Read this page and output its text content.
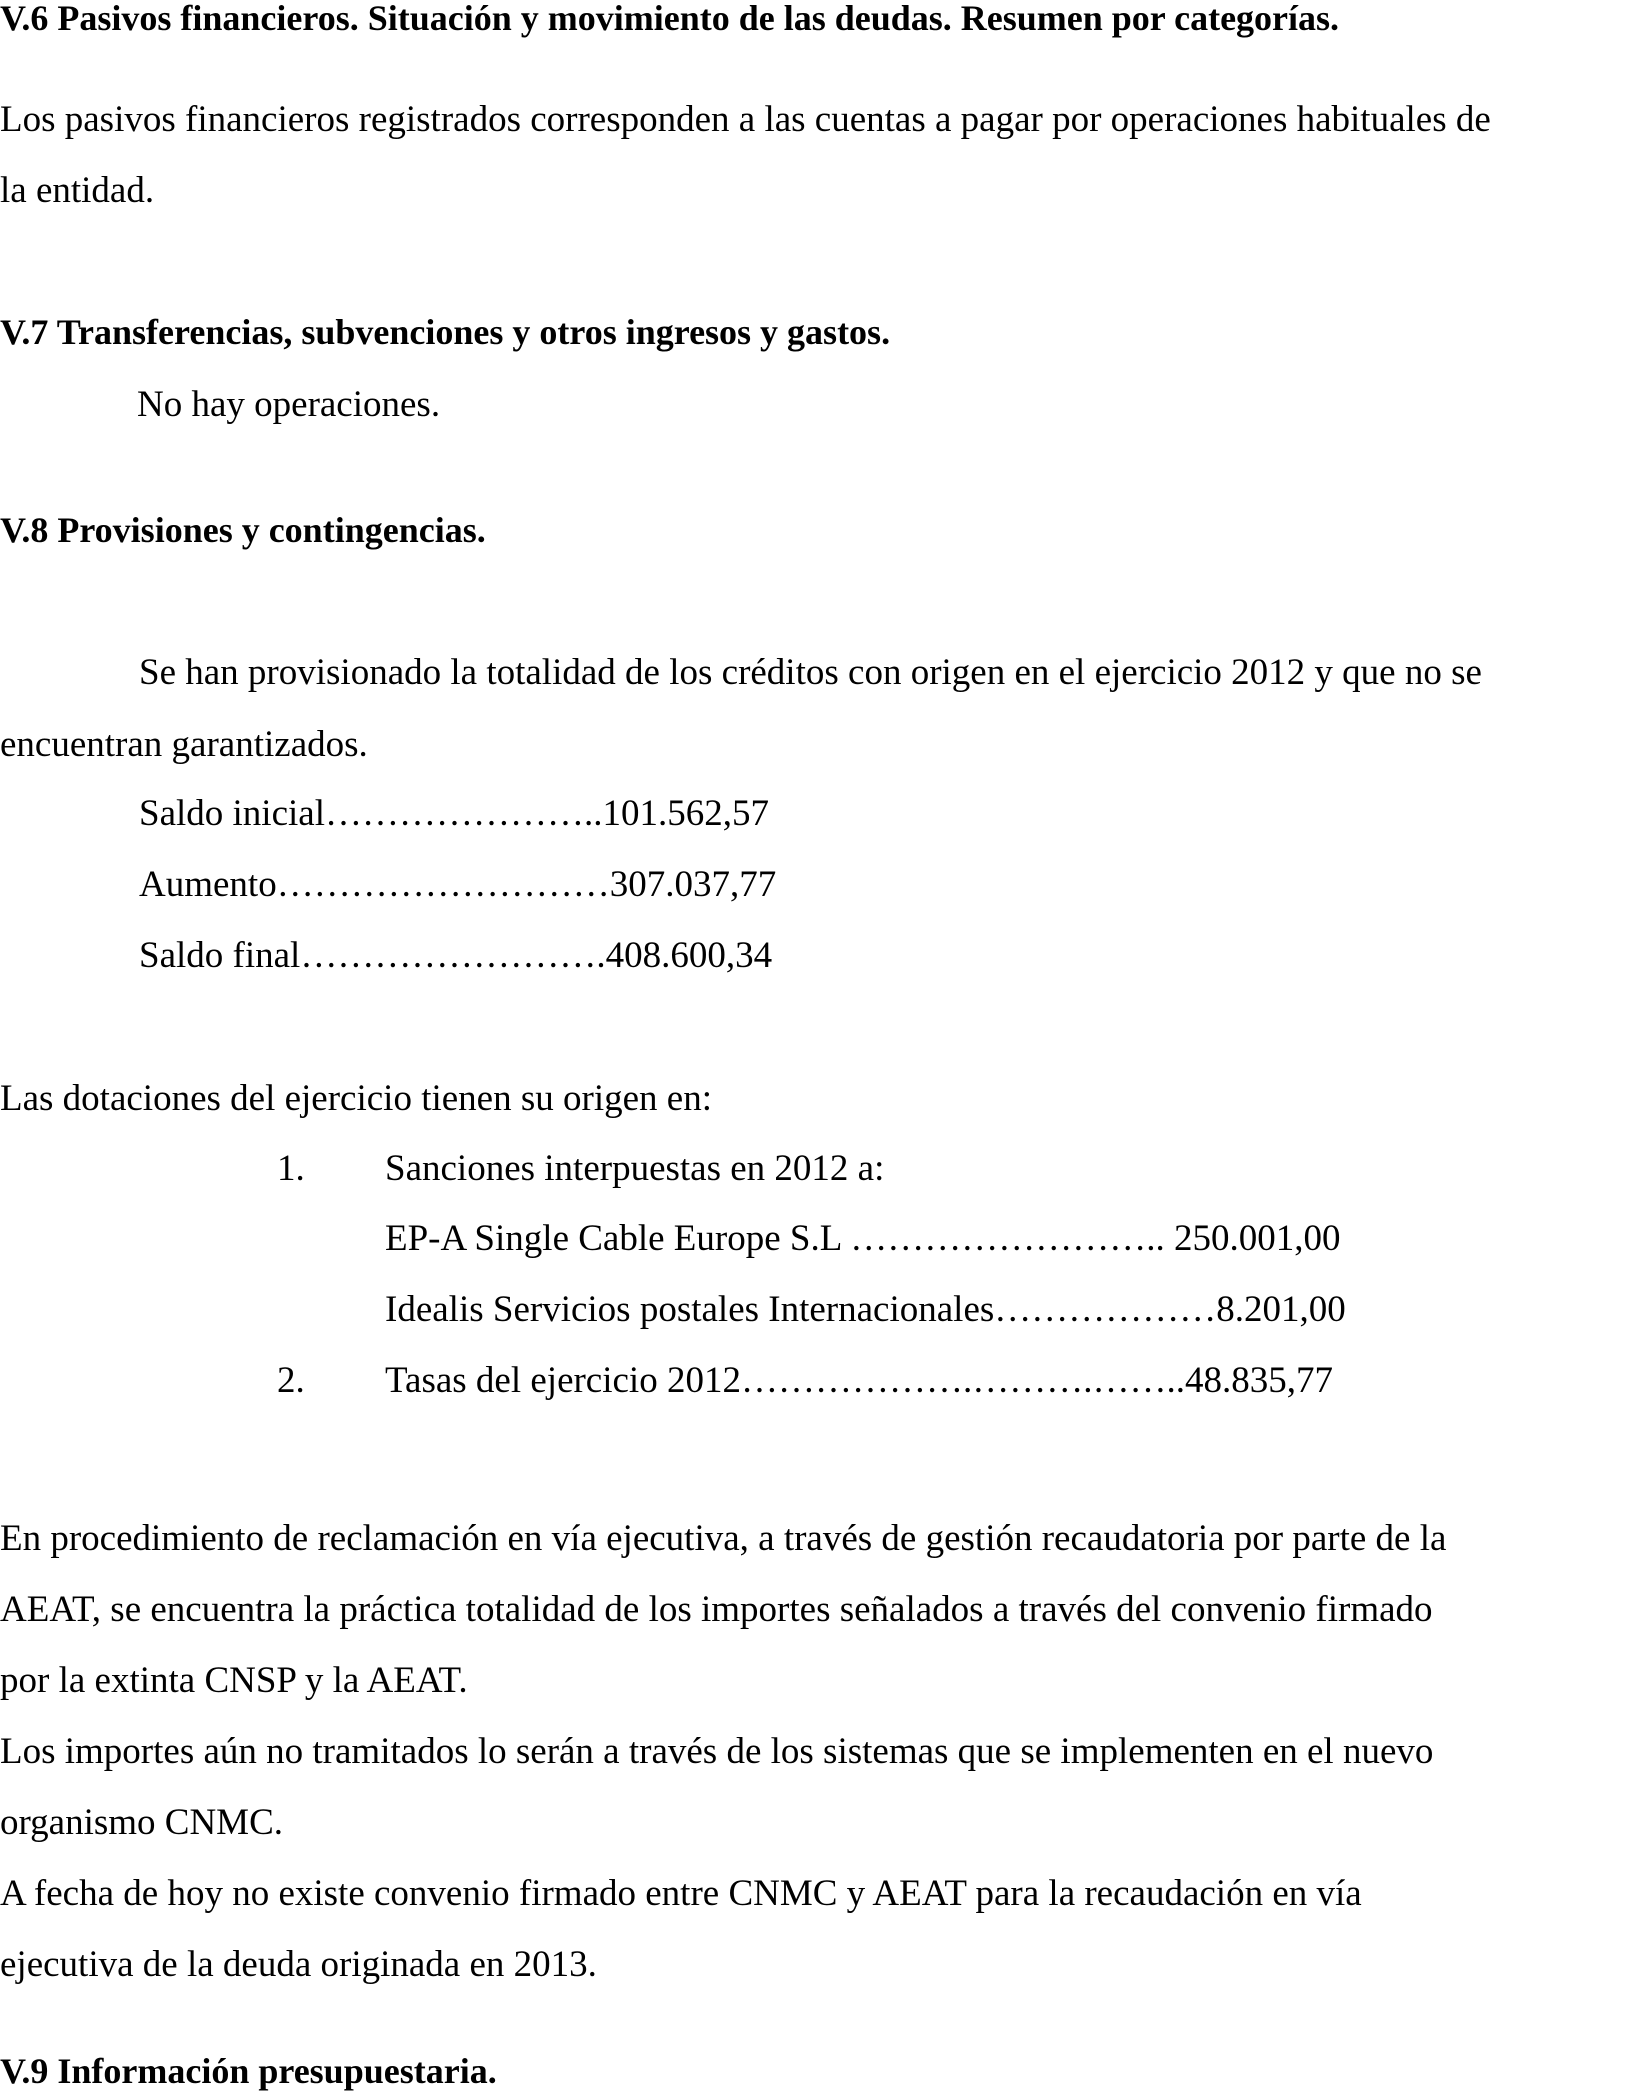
V.6 Pasivos financieros. Situación y movimiento de las deudas. Resumen por categorías.
Los pasivos financieros registrados corresponden a las cuentas a pagar por operaciones habituales de
la entidad.
V.7 Transferencias, subvenciones y otros ingresos y gastos.
No hay operaciones.
V.8 Provisiones y contingencias.
Se han provisionado la totalidad de los créditos con origen en el ejercicio 2012 y que no se
encuentran garantizados.
Saldo inicial…………………..101.562,57
Aumento………………………307.037,77
Saldo final…………………….408.600,34
Las dotaciones del ejercicio tienen su origen en:
1. Sanciones interpuestas en 2012 a:
EP-A Single Cable Europe S.L …………………….. 250.001,00
Idealis Servicios postales Internacionales………………8.201,00
2. Tasas del ejercicio 2012……………….……….……..48.835,77
En procedimiento de reclamación en vía ejecutiva, a través de gestión recaudatoria por parte de la
AEAT, se encuentra la práctica totalidad de los importes señalados a través del convenio firmado
por la extinta CNSP y la AEAT.
Los importes aún no tramitados lo serán a través de los sistemas que se implementen en el nuevo
organismo CNMC.
A fecha de hoy no existe convenio firmado entre CNMC y AEAT para la recaudación en vía
ejecutiva de la deuda originada en 2013.
V.9 Información presupuestaria.
